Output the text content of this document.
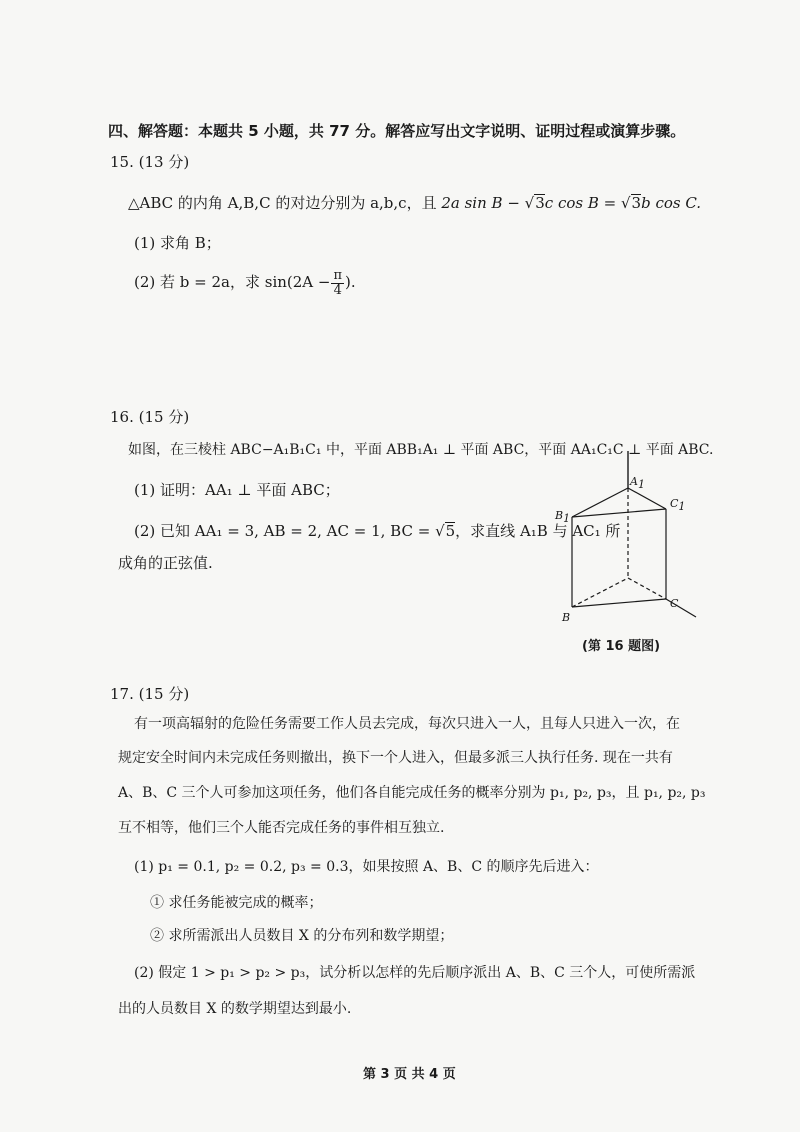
四、解答题：本题共 5 小题，共 77 分。解答应写出文字说明、证明过程或演算步骤。
15. (13 分)
△ABC 的内角 A,B,C 的对边分别为 a,b,c，且 2a sin B − √3c cos B = √3b cos C.
(1) 求角 B；
(2) 若 b = 2a，求 $\sin(2A - \frac{\pi}{4}$ ).
16. (15 分)
如图，在三棱柱 ABC−A₁B₁C₁ 中，平面 ABB₁A₁ ⊥ 平面 ABC，平面 AA₁C₁C ⊥ 平面 ABC.
(1) 证明：AA₁ ⊥ 平面 ABC；
(2) 已知 AA₁ = 3, AB = 2, AC = 1, BC = √5，求直线 A₁B 与 AC₁ 所
成角的正弦值.
A1
B1
C1
B
C
(第 16 题图)
17. (15 分)
有一项高辐射的危险任务需要工作人员去完成，每次只进入一人，且每人只进入一次，在
规定安全时间内未完成任务则撤出，换下一个人进入，但最多派三人执行任务. 现在一共有
A、B、C 三个人可参加这项任务，他们各自能完成任务的概率分别为 p₁, p₂, p₃，且 p₁, p₂, p₃
互不相等，他们三个人能否完成任务的事件相互独立.
(1) p₁ = 0.1, p₂ = 0.2, p₃ = 0.3，如果按照 A、B、C 的顺序先后进入：
① 求任务能被完成的概率；
② 求所需派出人员数目 X 的分布列和数学期望；
(2) 假定 1 > p₁ > p₂ > p₃，试分析以怎样的先后顺序派出 A、B、C 三个人，可使所需派
出的人员数目 X 的数学期望达到最小.
第 3 页 共 4 页
